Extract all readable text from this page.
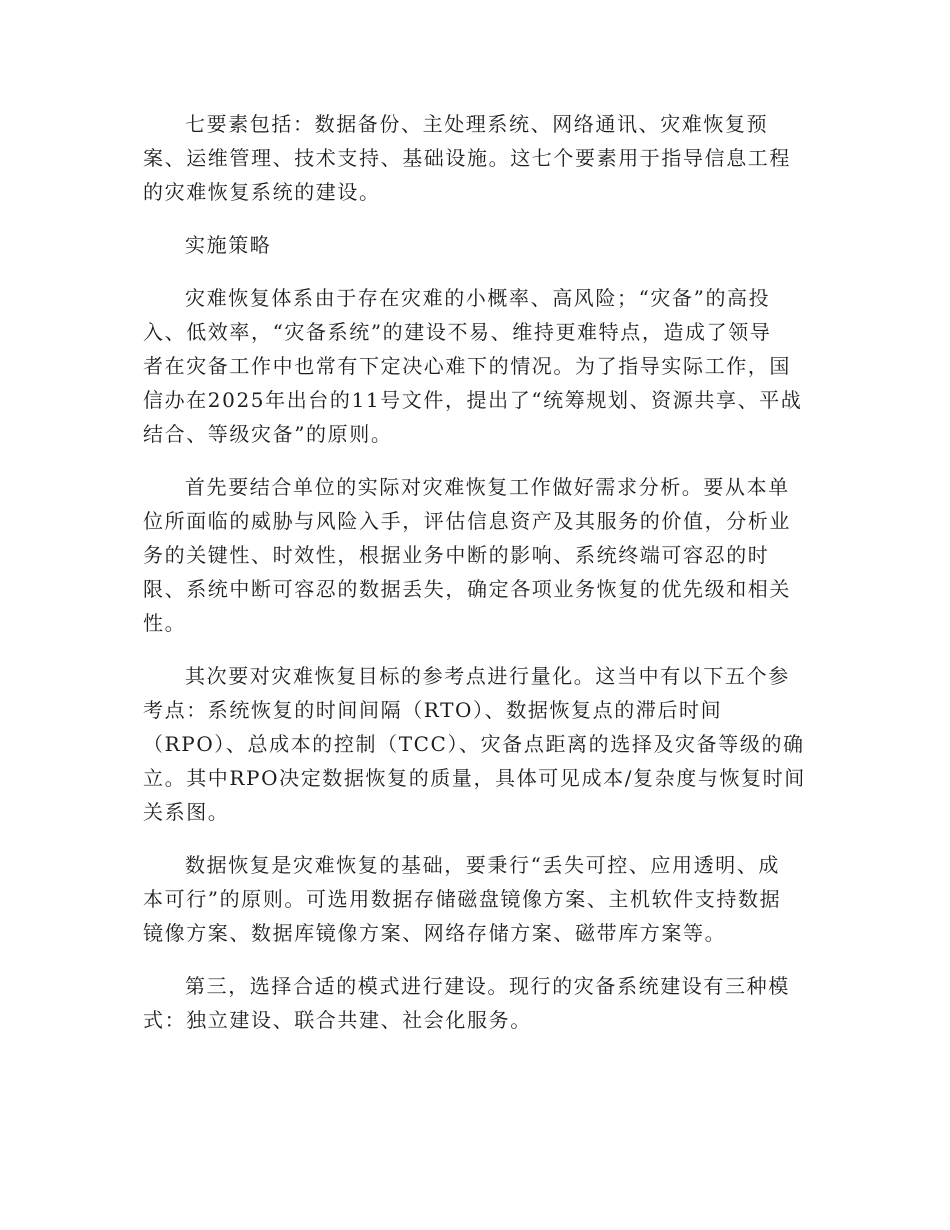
七要素包括：数据备份、主处理系统、网络通讯、灾难恢复预
案、运维管理、技术支持、基础设施。这七个要素用于指导信息工程
的灾难恢复系统的建设。
实施策略
灾难恢复体系由于存在灾难的小概率、高风险；“灾备”的高投
入、低效率，“灾备系统”的建设不易、维持更难特点，造成了领导
者在灾备工作中也常有下定决心难下的情况。为了指导实际工作，国
信办在2025年出台的11号文件，提出了“统筹规划、资源共享、平战
结合、等级灾备”的原则。
首先要结合单位的实际对灾难恢复工作做好需求分析。要从本单
位所面临的威胁与风险入手，评估信息资产及其服务的价值，分析业
务的关键性、时效性，根据业务中断的影响、系统终端可容忍的时
限、系统中断可容忍的数据丢失，确定各项业务恢复的优先级和相关
性。
其次要对灾难恢复目标的参考点进行量化。这当中有以下五个参
考点：系统恢复的时间间隔（RTO）、数据恢复点的滞后时间
（RPO）、总成本的控制（TCC）、灾备点距离的选择及灾备等级的确
立。其中RPO决定数据恢复的质量，具体可见成本/复杂度与恢复时间
关系图。
数据恢复是灾难恢复的基础，要秉行“丢失可控、应用透明、成
本可行”的原则。可选用数据存储磁盘镜像方案、主机软件支持数据
镜像方案、数据库镜像方案、网络存储方案、磁带库方案等。
第三，选择合适的模式进行建设。现行的灾备系统建设有三种模
式：独立建设、联合共建、社会化服务。
